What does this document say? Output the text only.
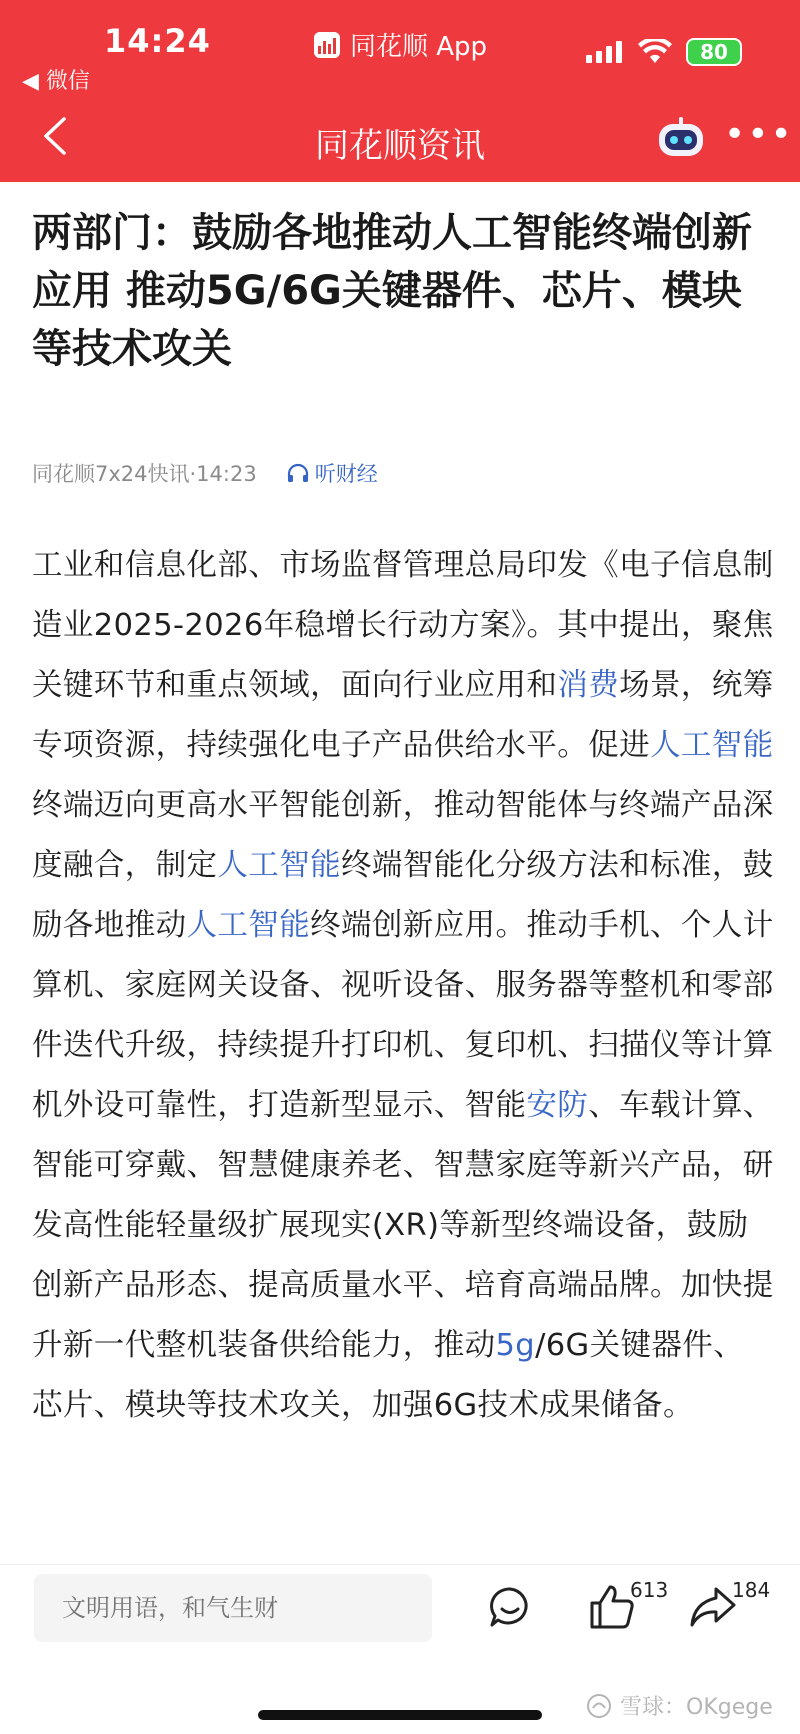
14:24
◀ 微信
同花顺 App	80
同花顺资讯	•••
两部门：鼓励各地推动人工智能终端创新应用 推动5G/6G关键器件、芯片、模块等技术攻关
同花顺7x24快讯·14:23	听财经
工业和信息化部、市场监督管理总局印发《电子信息制造业2025-2026年稳增长行动方案》。其中提出，聚焦关键环节和重点领域，面向行业应用和消费场景，统筹专项资源，持续强化电子产品供给水平。促进人工智能终端迈向更高水平智能创新，推动智能体与终端产品深度融合，制定人工智能终端智能化分级方法和标准，鼓励各地推动人工智能终端创新应用。推动手机、个人计算机、家庭网关设备、视听设备、服务器等整机和零部件迭代升级，持续提升打印机、复印机、扫描仪等计算机外设可靠性，打造新型显示、智能安防、车载计算、智能可穿戴、智慧健康养老、智慧家庭等新兴产品，研发高性能轻量级扩展现实(XR)等新型终端设备，鼓励创新产品形态、提高质量水平、培育高端品牌。加快提升新一代整机装备供给能力，推动5g/6G关键器件、芯片、模块等技术攻关，加强6G技术成果储备。
文明用语，和气生财
613	184
雪球：OKgege
